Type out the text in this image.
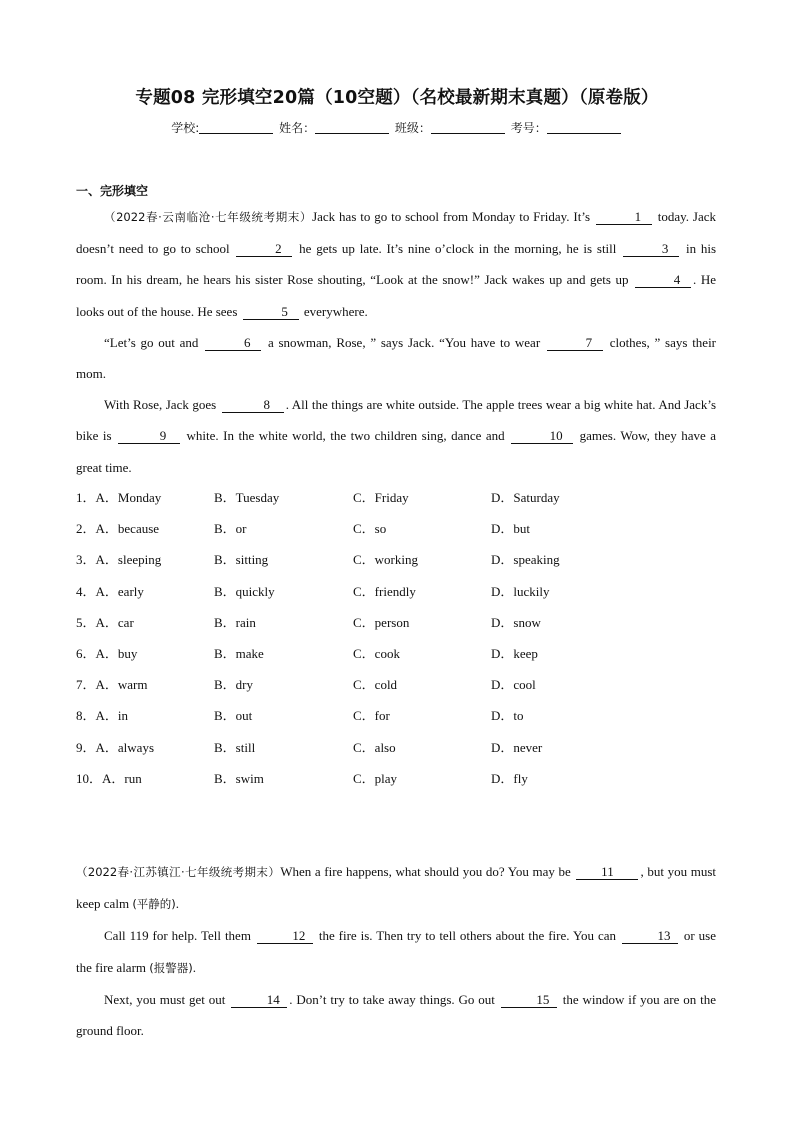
专题08 完形填空20篇（10空题）（名校最新期末真题）（原卷版）
学校:	姓名：	班级：	考号：
一、完形填空

（2022春·云南临沧·七年级统考期末）Jack has to go to school from Monday to Friday. It’s	1 today. Jack doesn’t need to go to school	2 he gets up late. It’s nine o’clock in the morning, he is still	3 in his room. In his dream, he hears his sister Rose shouting, “Look at the snow!” Jack wakes up and gets up	4 . He looks out of the house. He sees	5 everywhere.

“Let’s go out and	6 a snowman, Rose, ” says Jack. “You have to wear	7 clothes, ” says their mom.

With Rose, Jack goes	8 . All the things are white outside. The apple trees wear a big white hat. And Jack’s bike is	9 white. In the white world, the two children sing, dance and	10 games. Wow, they have a great time.

1．A．Monday	B．Tuesday	C．Friday	D．Saturday
2．A．because	B．or	C．so	D．but
3．A．sleeping	B．sitting	C．working	D．speaking
4．A．early	B．quickly	C．friendly	D．luckily
5．A．car	B．rain	C．person	D．snow
6．A．buy	B．make	C．cook	D．keep
7．A．warm	B．dry	C．cold	D．cool
8．A．in	B．out	C．for	D．to
9．A．always	B．still	C．also	D．never
10．A．run	B．swim	C．play	D．fly

（2022春·江苏镇江·七年级统考期末）When a fire happens, what should you do? You may be 11 , but you must keep calm (平静的).

Call 119 for help. Tell them	12 the fire is. Then try to tell others about the fire. You can	13 or use the fire alarm (报警器).

Next, you must get out	14 . Don’t try to take away things. Go out	15 the window if you are on the ground floor.
